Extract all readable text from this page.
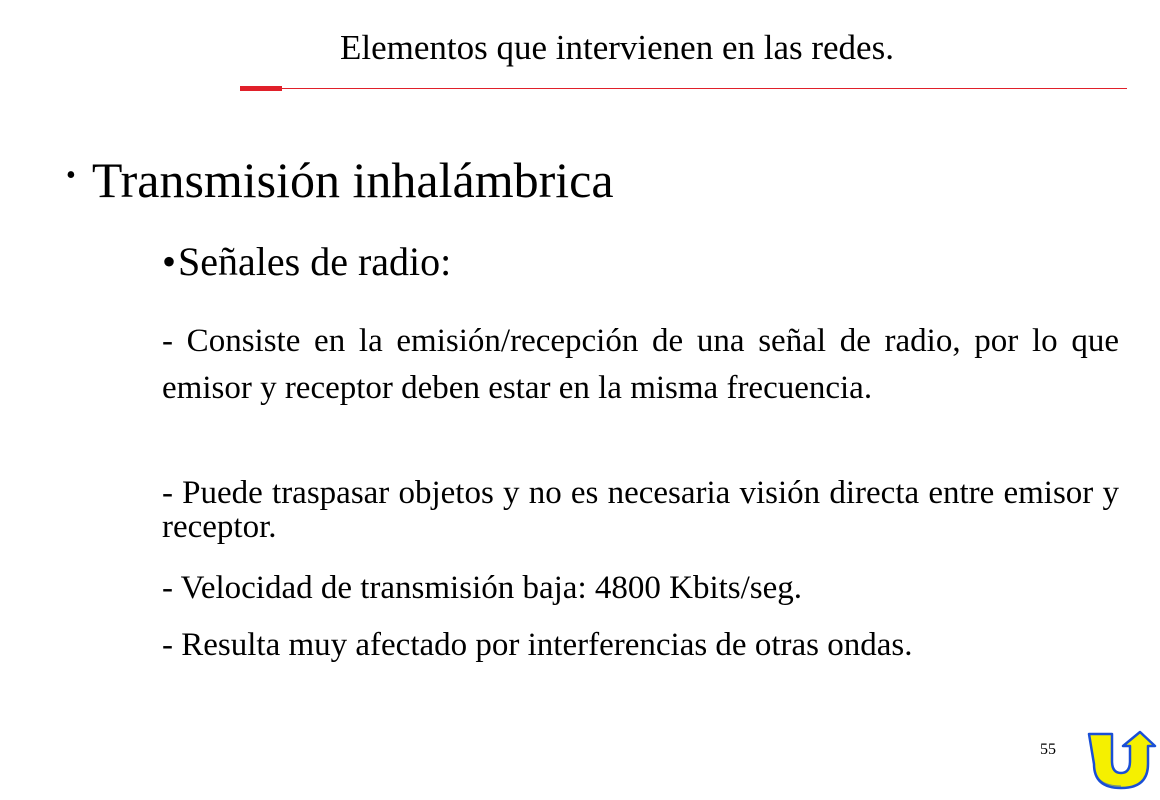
Elementos que intervienen en las redes.
• Transmisión inhalámbrica
•Señales de radio:
- Consiste en la emisión/recepción de una señal de radio, por lo que emisor y receptor deben estar en la misma frecuencia.
- Puede traspasar objetos y no es necesaria visión directa entre emisor y receptor.
- Velocidad de transmisión baja: 4800 Kbits/seg.
- Resulta muy afectado por interferencias de otras ondas.
55
